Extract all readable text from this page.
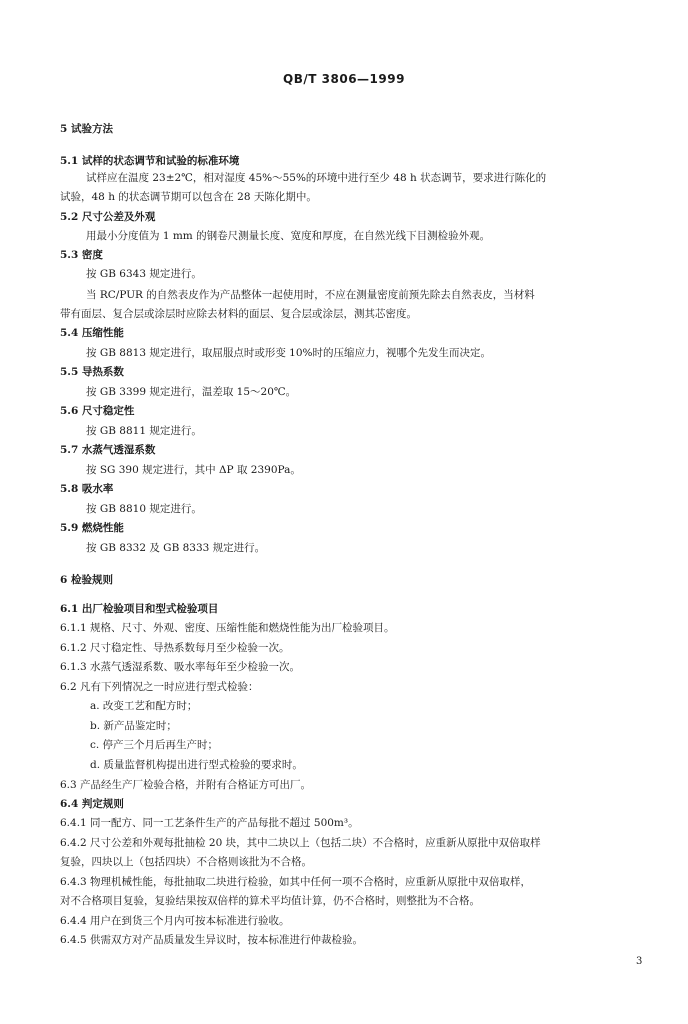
QB/T 3806—1999
5 试验方法
5.1 试样的状态调节和试验的标准环境
试样应在温度 23±2℃，相对湿度 45%～55%的环境中进行至少 48 h 状态调节，要求进行陈化的
试验，48 h 的状态调节期可以包含在 28 天陈化期中。
5.2 尺寸公差及外观
用最小分度值为 1 mm 的钢卷尺测量长度、宽度和厚度，在自然光线下目测检验外观。
5.3 密度
按 GB 6343 规定进行。
当 RC/PUR 的自然表皮作为产品整体一起使用时，不应在测量密度前预先除去自然表皮，当材料
带有面层、复合层或涂层时应除去材料的面层、复合层或涂层，测其芯密度。
5.4 压缩性能
按 GB 8813 规定进行，取屈服点时或形变 10%时的压缩应力，视哪个先发生而决定。
5.5 导热系数
按 GB 3399 规定进行，温差取 15～20℃。
5.6 尺寸稳定性
按 GB 8811 规定进行。
5.7 水蒸气透湿系数
按 SG 390 规定进行，其中 ΔP 取 2390Pa。
5.8 吸水率
按 GB 8810 规定进行。
5.9 燃烧性能
按 GB 8332 及 GB 8333 规定进行。
6 检验规则
6.1 出厂检验项目和型式检验项目
6.1.1 规格、尺寸、外观、密度、压缩性能和燃烧性能为出厂检验项目。
6.1.2 尺寸稳定性、导热系数每月至少检验一次。
6.1.3 水蒸气透湿系数、吸水率每年至少检验一次。
6.2 凡有下列情况之一时应进行型式检验：
a. 改变工艺和配方时；
b. 新产品鉴定时；
c. 停产三个月后再生产时；
d. 质量监督机构提出进行型式检验的要求时。
6.3 产品经生产厂检验合格，并附有合格证方可出厂。
6.4 判定规则
6.4.1 同一配方、同一工艺条件生产的产品每批不超过 500m³。
6.4.2 尺寸公差和外观每批抽检 20 块，其中二块以上（包括二块）不合格时，应重新从原批中双倍取样
复验，四块以上（包括四块）不合格则该批为不合格。
6.4.3 物理机械性能，每批抽取二块进行检验，如其中任何一项不合格时，应重新从原批中双倍取样，
对不合格项目复验，复验结果按双倍样的算术平均值计算，仍不合格时，则整批为不合格。
6.4.4 用户在到货三个月内可按本标准进行验收。
6.4.5 供需双方对产品质量发生异议时，按本标准进行仲裁检验。
3
